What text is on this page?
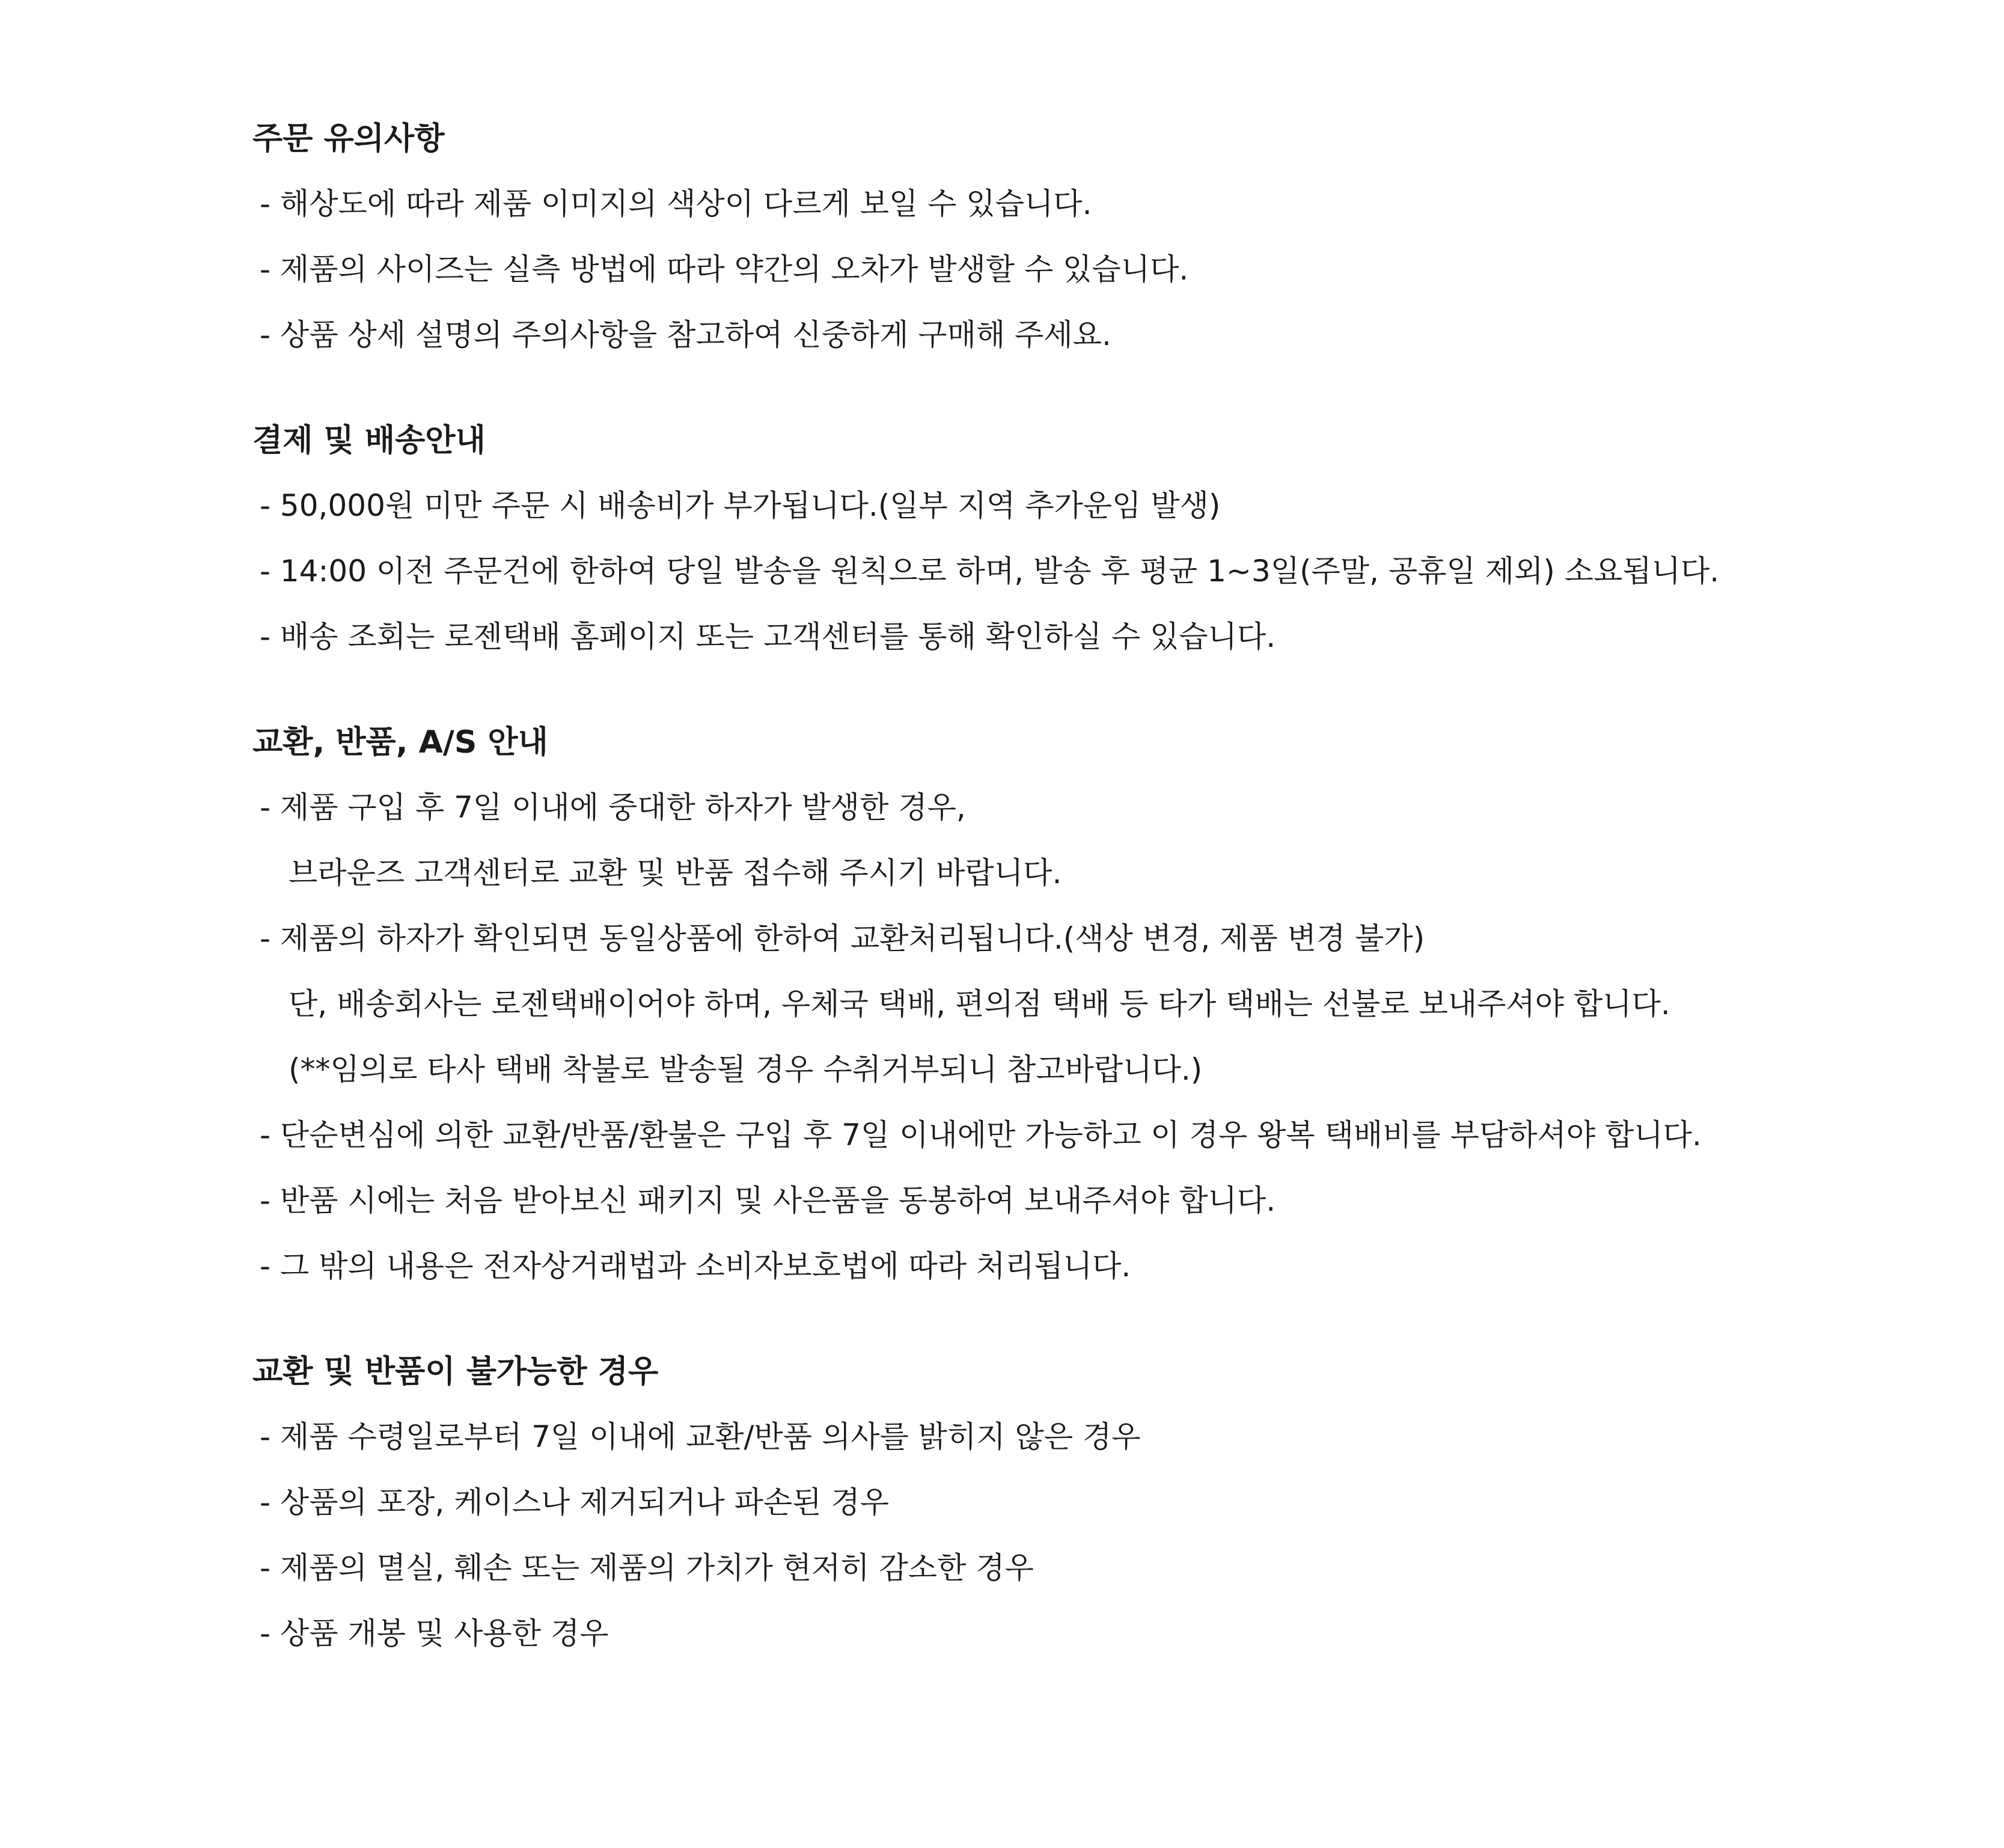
주문 유의사항
- 해상도에 따라 제품 이미지의 색상이 다르게 보일 수 있습니다.
- 제품의 사이즈는 실측 방법에 따라 약간의 오차가 발생할 수 있습니다.
- 상품 상세 설명의 주의사항을 참고하여 신중하게 구매해 주세요.
결제 및 배송안내
- 50,000원 미만 주문 시 배송비가 부가됩니다.(일부 지역 추가운임 발생)
- 14:00 이전 주문건에 한하여 당일 발송을 원칙으로 하며, 발송 후 평균 1~3일(주말, 공휴일 제외) 소요됩니다.
- 배송 조회는 로젠택배 홈페이지 또는 고객센터를 통해 확인하실 수 있습니다.
교환, 반품, A/S 안내
- 제품 구입 후 7일 이내에 중대한 하자가 발생한 경우,
브라운즈 고객센터로 교환 및 반품 접수해 주시기 바랍니다.
- 제품의 하자가 확인되면 동일상품에 한하여 교환처리됩니다.(색상 변경, 제품 변경 불가)
단, 배송회사는 로젠택배이어야 하며, 우체국 택배, 편의점 택배 등 타가 택배는 선불로 보내주셔야 합니다.
(**임의로 타사 택배 착불로 발송될 경우 수취거부되니 참고바랍니다.)
- 단순변심에 의한 교환/반품/환불은 구입 후 7일 이내에만 가능하고 이 경우 왕복 택배비를 부담하셔야 합니다.
- 반품 시에는 처음 받아보신 패키지 및 사은품을 동봉하여 보내주셔야 합니다.
- 그 밖의 내용은 전자상거래법과 소비자보호법에 따라 처리됩니다.
교환 및 반품이 불가능한 경우
- 제품 수령일로부터 7일 이내에 교환/반품 의사를 밝히지 않은 경우
- 상품의 포장, 케이스나 제거되거나 파손된 경우
- 제품의 멸실, 훼손 또는 제품의 가치가 현저히 감소한 경우
- 상품 개봉 및 사용한 경우
